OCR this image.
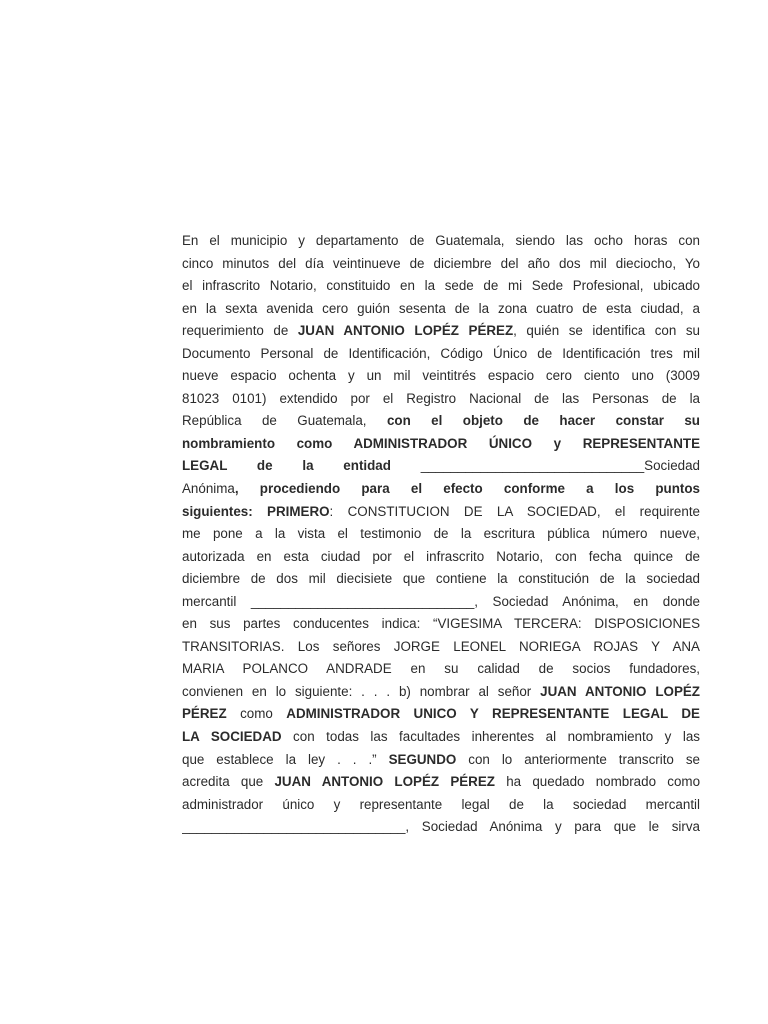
En el municipio y departamento de Guatemala, siendo las ocho horas con
cinco minutos del día veintinueve de diciembre del año dos mil dieciocho, Yo
el infrascrito Notario, constituido en la sede de mi Sede Profesional, ubicado
en la sexta avenida cero guión sesenta de la zona cuatro de esta ciudad, a
requerimiento de JUAN ANTONIO LOPÉZ PÉREZ, quién se identifica con su
Documento Personal de Identificación, Código Único de Identificación tres mil
nueve espacio ochenta y un mil veintitrés espacio cero ciento uno (3009
81023 0101) extendido por el Registro Nacional de las Personas de la
República de Guatemala, con el objeto de hacer constar su
nombramiento como ADMINISTRADOR ÚNICO y REPRESENTANTE
LEGAL de la entidad ______________________________Sociedad
Anónima, procediendo para el efecto conforme a los puntos
siguientes: PRIMERO: CONSTITUCION DE LA SOCIEDAD, el requirente
me pone a la vista el testimonio de la escritura pública número nueve,
autorizada en esta ciudad por el infrascrito Notario, con fecha quince de
diciembre de dos mil diecisiete que contiene la constitución de la sociedad
mercantil ______________________________, Sociedad Anónima, en donde
en sus partes conducentes indica: “VIGESIMA TERCERA: DISPOSICIONES
TRANSITORIAS. Los señores JORGE LEONEL NORIEGA ROJAS Y ANA
MARIA POLANCO ANDRADE en su calidad de socios fundadores,
convienen en lo siguiente: . . . b) nombrar al señor JUAN ANTONIO LOPÉZ
PÉREZ como ADMINISTRADOR UNICO Y REPRESENTANTE LEGAL DE
LA SOCIEDAD con todas las facultades inherentes al nombramiento y las
que establece la ley . . .” SEGUNDO con lo anteriormente transcrito se
acredita que JUAN ANTONIO LOPÉZ PÉREZ ha quedado nombrado como
administrador único y representante legal de la sociedad mercantil
______________________________, Sociedad Anónima y para que le sirva
